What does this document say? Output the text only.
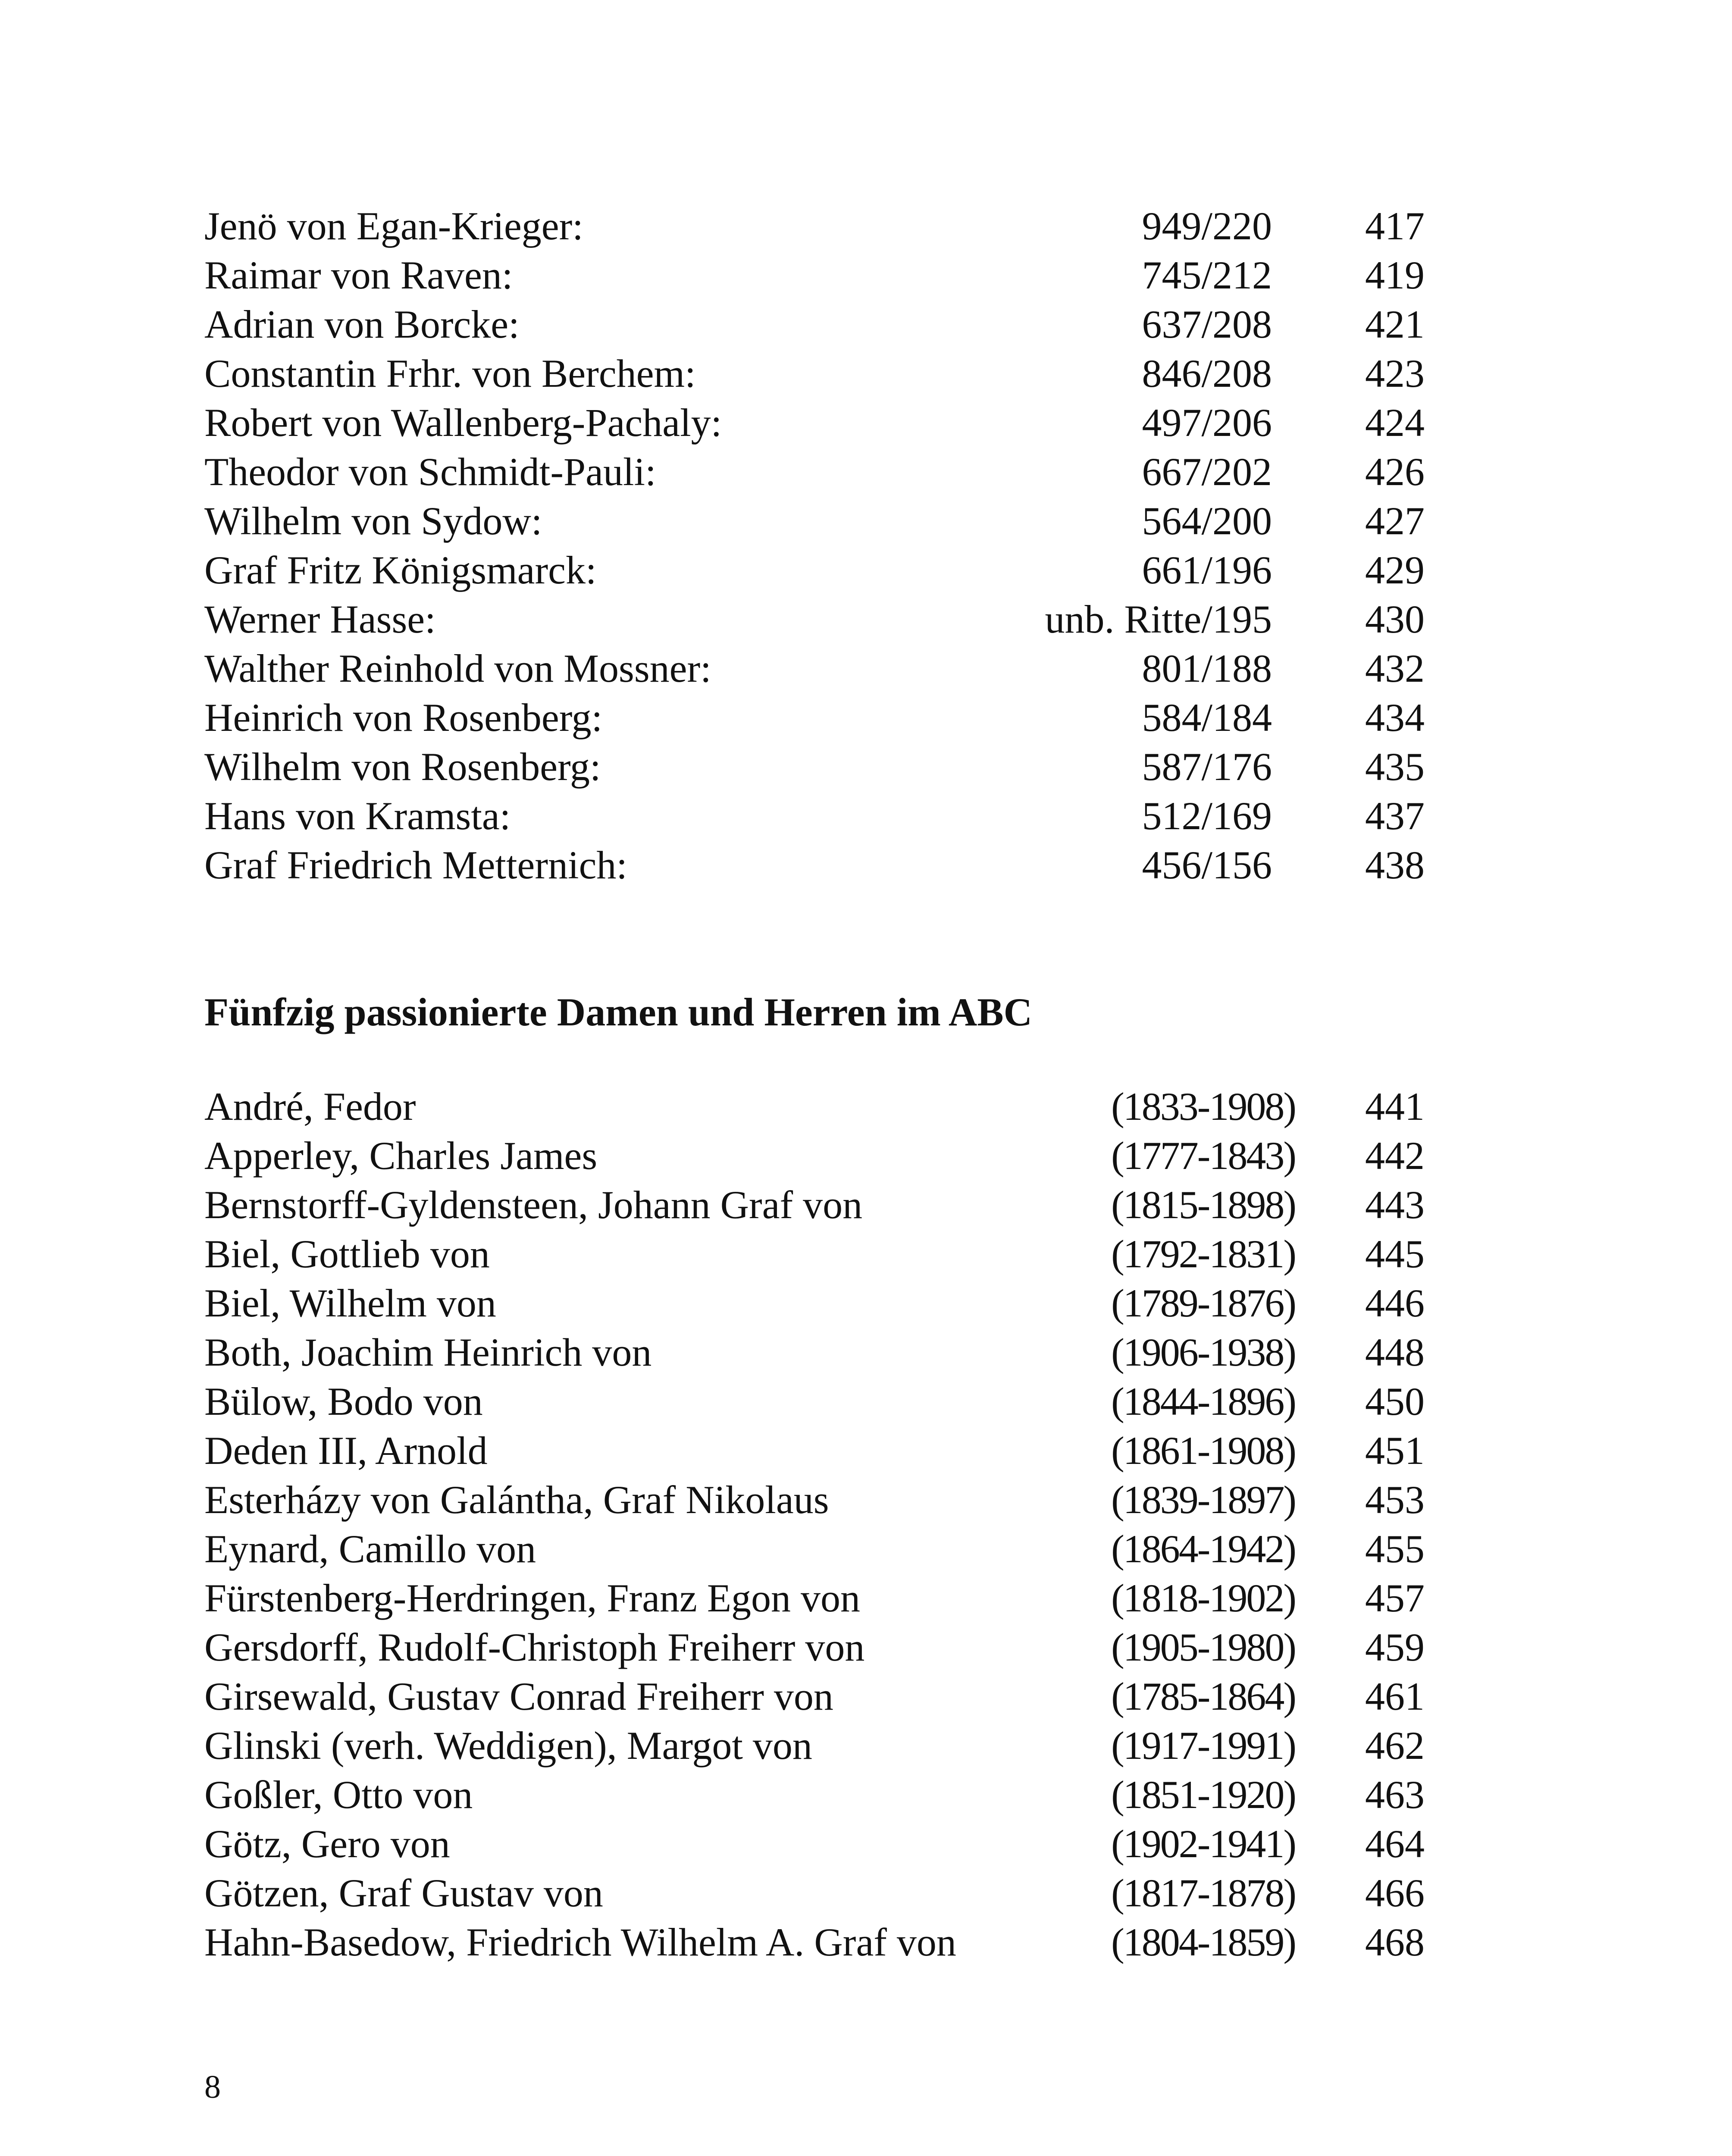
Jenö von Egan-Krieger:	949/220 417
Raimar von Raven:	745/212 419
Adrian von Borcke:	637/208 421
Constantin Frhr. von Berchem:	846/208 423
Robert von Wallenberg-Pachaly:	497/206 424
Theodor von Schmidt-Pauli:	667/202 426
Wilhelm von Sydow:	564/200 427
Graf Fritz Königsmarck:	661/196 429
Werner Hasse:	unb. Ritte/195 430
Walther Reinhold von Mossner:	801/188 432
Heinrich von Rosenberg:	584/184 434
Wilhelm von Rosenberg:	587/176 435
Hans von Kramsta:	512/169 437
Graf Friedrich Metternich:	456/156 438
Fünfzig passionierte Damen und Herren im ABC
André, Fedor	(1833-1908) 441
Apperley, Charles James	(1777-1843) 442
Bernstorff-Gyldensteen, Johann Graf von	(1815-1898) 443
Biel, Gottlieb von	(1792-1831) 445
Biel, Wilhelm von	(1789-1876) 446
Both, Joachim Heinrich von	(1906-1938) 448
Bülow, Bodo von	(1844-1896) 450
Deden III, Arnold	(1861-1908) 451
Esterházy von Galántha, Graf Nikolaus	(1839-1897) 453
Eynard, Camillo von	(1864-1942) 455
Fürstenberg-Herdringen, Franz Egon von	(1818-1902) 457
Gersdorff, Rudolf-Christoph Freiherr von	(1905-1980) 459
Girsewald, Gustav Conrad Freiherr von	(1785-1864) 461
Glinski (verh. Weddigen), Margot von	(1917-1991) 462
Goßler, Otto von	(1851-1920) 463
Götz, Gero von	(1902-1941) 464
Götzen, Graf Gustav von	(1817-1878) 466
Hahn-Basedow, Friedrich Wilhelm A. Graf von	(1804-1859) 468
8
